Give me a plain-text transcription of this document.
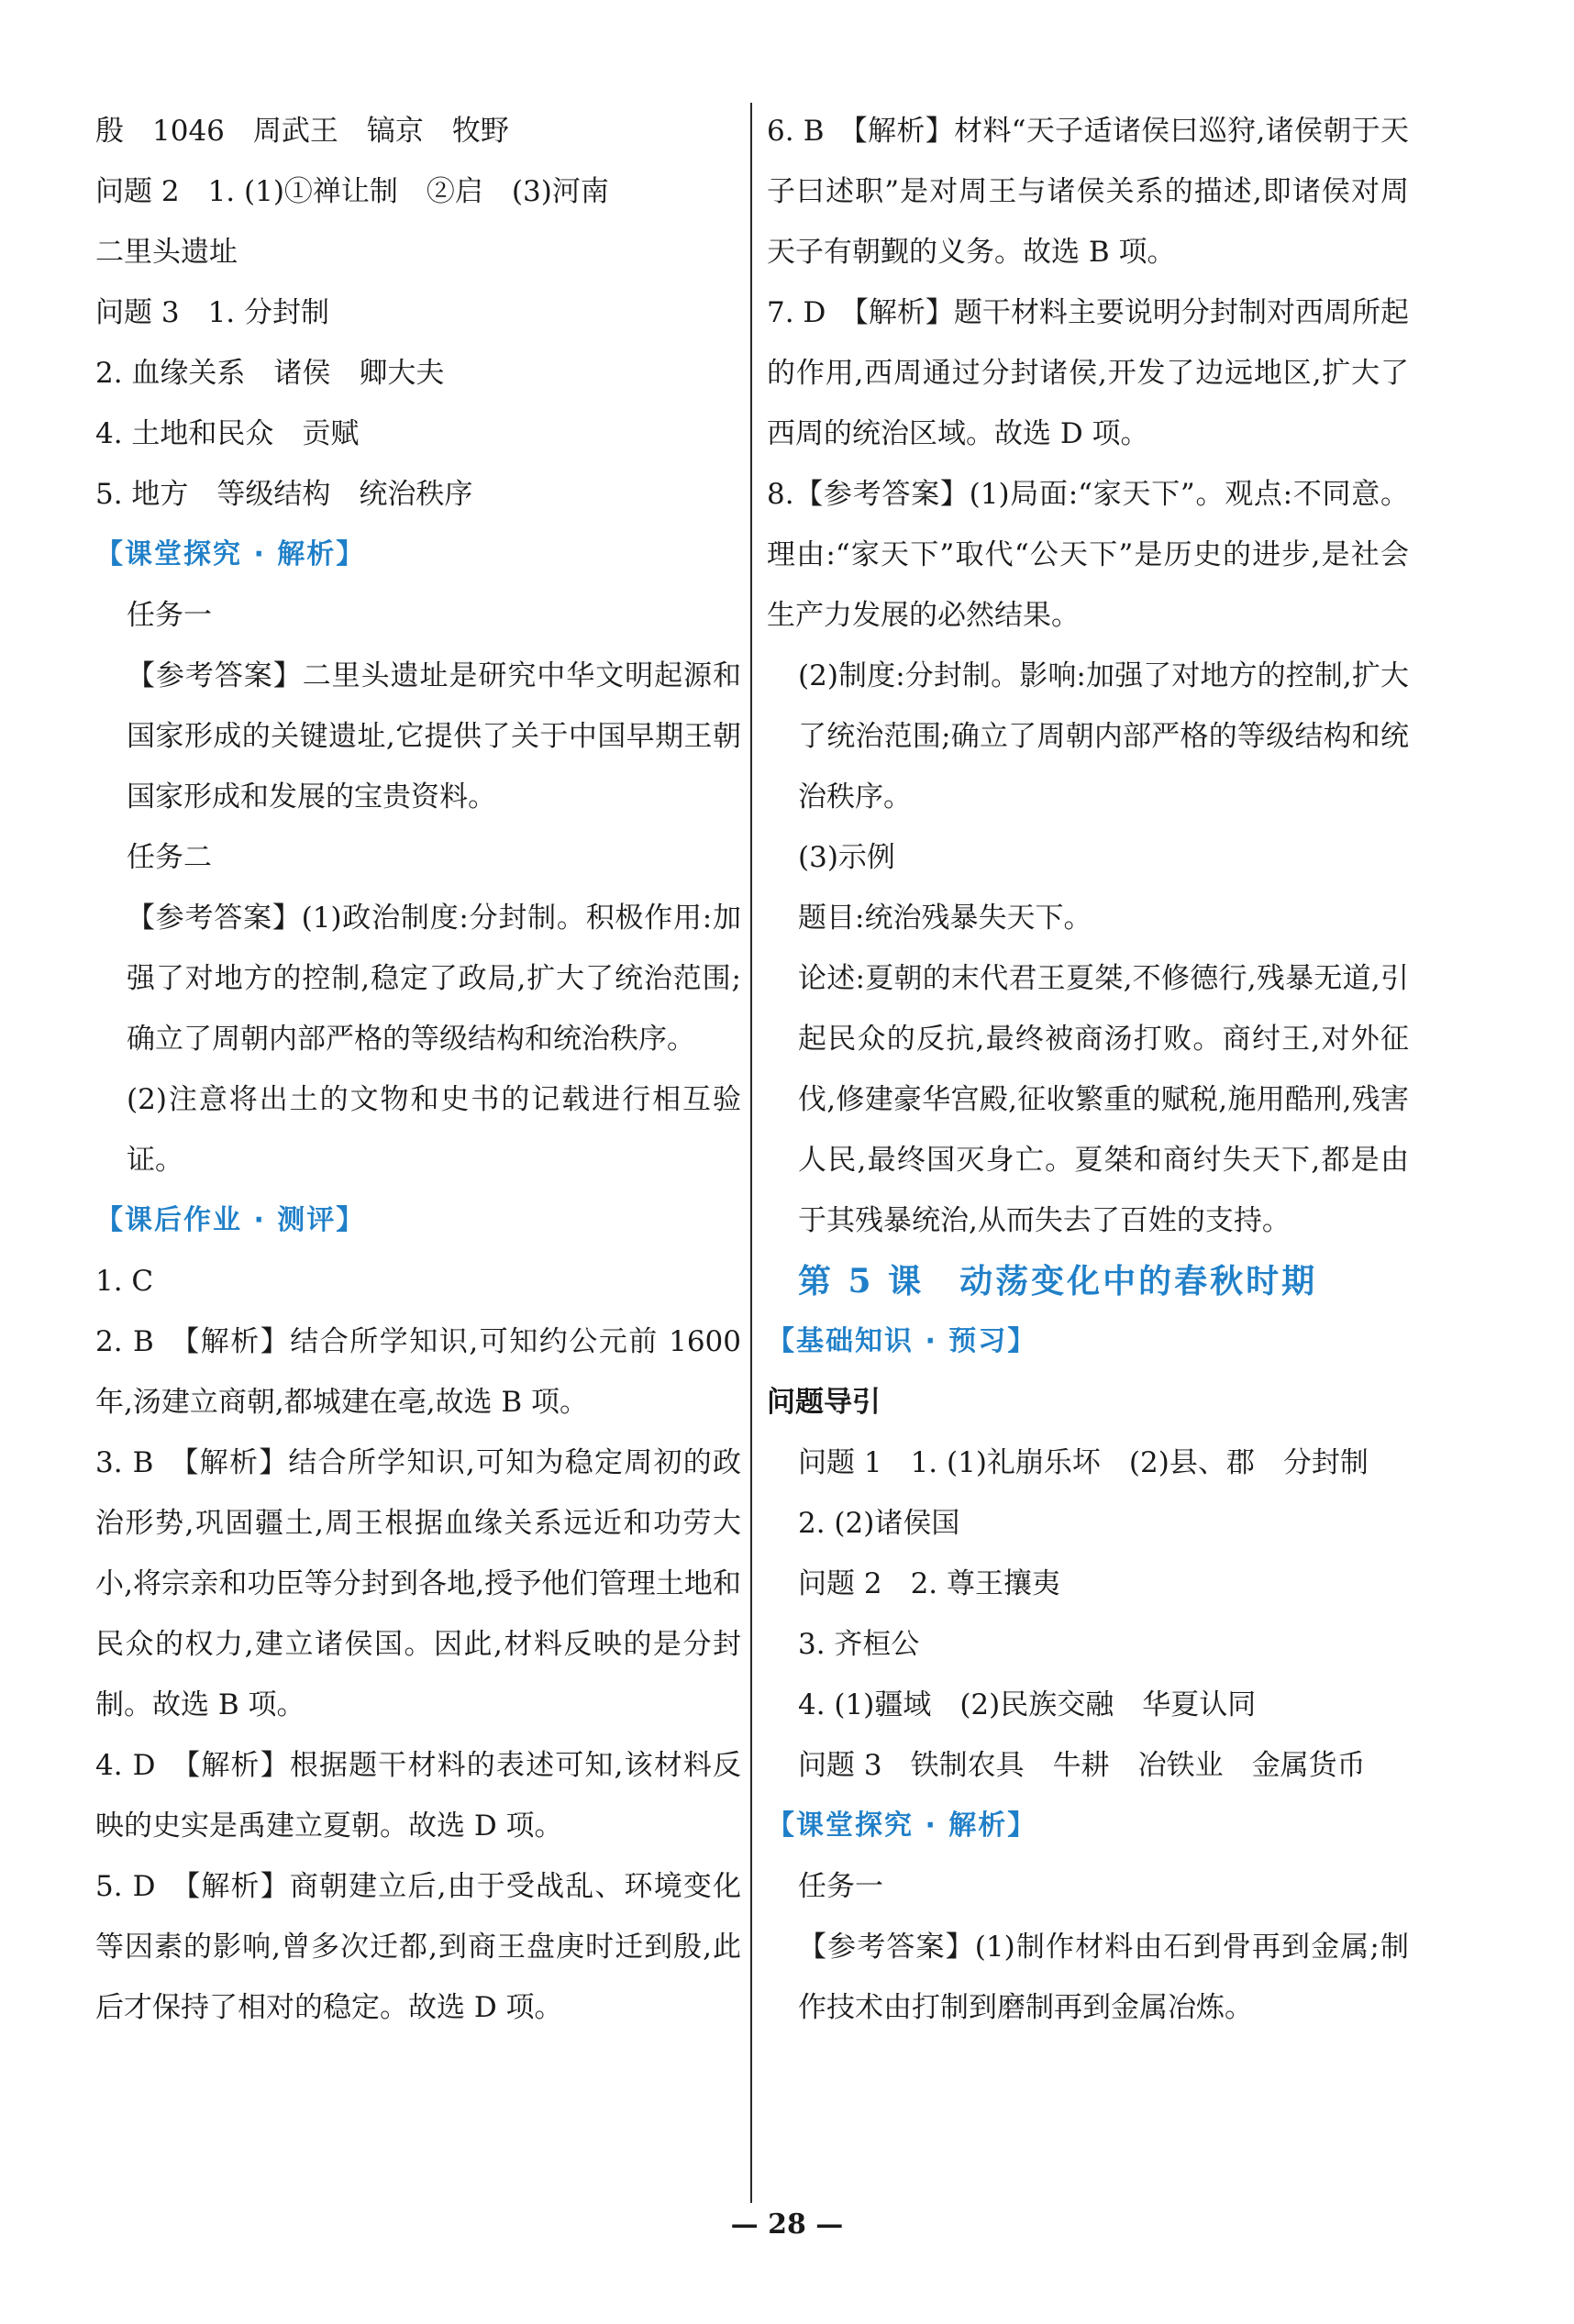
殷　1046　周武王　镐京　牧野
问题 2　1. (1)①禅让制　②启　(3)河南
二里头遗址
问题 3　1. 分封制
2. 血缘关系　诸侯　卿大夫
4. 土地和民众　贡赋
5. 地方　等级结构　统治秩序
【课堂探究 · 解析】
任务一

【参考答案】二里头遗址是研究中华文明起源和国家形成的关键遗址,它提供了关于中国早期王朝国家形成和发展的宝贵资料。

任务二

【参考答案】(1)政治制度:分封制。积极作用:加强了对地方的控制,稳定了政局,扩大了统治范围;确立了周朝内部严格的等级结构和统治秩序。

(2)注意将出土的文物和史书的记载进行相互验证。

【课后作业 · 测评】

1. C

2. B　【解析】结合所学知识,可知约公元前 1600 年,汤建立商朝,都城建在亳,故选 B 项。

3. B　【解析】结合所学知识,可知为稳定周初的政治形势,巩固疆土,周王根据血缘关系远近和功劳大小,将宗亲和功臣等分封到各地,授予他们管理土地和民众的权力,建立诸侯国。因此,材料反映的是分封制。故选 B 项。

4. D　【解析】根据题干材料的表述可知,该材料反映的史实是禹建立夏朝。故选 D 项。

5. D　【解析】商朝建立后,由于受战乱、环境变化等因素的影响,曾多次迁都,到商王盘庚时迁到殷,此后才保持了相对的稳定。故选 D 项。

6. B　【解析】材料“天子适诸侯曰巡狩,诸侯朝于天子曰述职”是对周王与诸侯关系的描述,即诸侯对周天子有朝觐的义务。故选 B 项。

7. D　【解析】题干材料主要说明分封制对西周所起的作用,西周通过分封诸侯,开发了边远地区,扩大了西周的统治区域。故选 D 项。

8.【参考答案】(1)局面:“家天下”。观点:不同意。理由:“家天下”取代“公天下”是历史的进步,是社会生产力发展的必然结果。

(2)制度:分封制。影响:加强了对地方的控制,扩大了统治范围;确立了周朝内部严格的等级结构和统治秩序。

(3)示例

题目:统治残暴失天下。

论述:夏朝的末代君王夏桀,不修德行,残暴无道,引起民众的反抗,最终被商汤打败。商纣王,对外征伐,修建豪华宫殿,征收繁重的赋税,施用酷刑,残害人民,最终国灭身亡。夏桀和商纣失天下,都是由于其残暴统治,从而失去了百姓的支持。

第 5 课　动荡变化中的春秋时期
【基础知识 · 预习】
问题导引
问题 1　1. (1)礼崩乐坏　(2)县、郡　分封制
2. (2)诸侯国
问题 2　2. 尊王攘夷
3. 齐桓公
4. (1)疆域　(2)民族交融　华夏认同
问题 3　铁制农具　牛耕　冶铁业　金属货币
【课堂探究 · 解析】
任务一

【参考答案】(1)制作材料由石到骨再到金属;制作技术由打制到磨制再到金属冶炼。

— 28 —
